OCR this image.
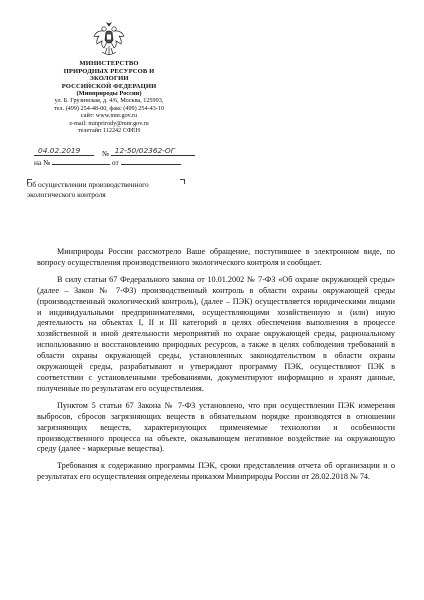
МИНИСТЕРСТВО
ПРИРОДНЫХ РЕСУРСОВ И ЭКОЛОГИИ
РОССИЙСКОЙ ФЕДЕРАЦИИ
(Минприроды России)
ул. Б. Грузинская, д. 4/6, Москва, 125993,
тел. (499) 254-48-00, факс (499) 254-43-10
сайт: www.mnr.gov.ru
e-mail: minprirody@mnr.gov.ru
телетайп 112242 СФЕН
04.02.2019	№ 12-50/02362-ОГ
на №	от
Об осуществлении производственного
экологического контроля

Минприроды России рассмотрело Ваше обращение, поступившее в электронном виде, по вопросу осуществления производственного экологического контроля и сообщает.

В силу статьи 67 Федерального закона от 10.01.2002 № 7-ФЗ «Об охране окружающей среды» (далее – Закон № 7-ФЗ) производственный контроль в области охраны окружающей среды (производственный экологический контроль), (далее – ПЭК) осуществляется юридическими лицами и индивидуальными предпринимателями, осуществляющими хозяйственную и (или) иную деятельность на объектах I, II и III категорий в целях обеспечения выполнения в процессе хозяйственной и иной деятельности мероприятий по охране окружающей среды, рациональному использованию и восстановлению природных ресурсов, а также в целях соблюдения требований в области охраны окружающей среды, установленных законодательством в области охраны окружающей среды, разрабатывают и утверждают программу ПЭК, осуществляют ПЭК в соответствии с установленными требованиями, документируют информацию и хранят данные, полученные по результатам его осуществления.

Пунктом 5 статьи 67 Закона № 7-ФЗ установлено, что при осуществлении ПЭК измерения выбросов, сбросов загрязняющих веществ в обязательном порядке производятся в отношении загрязняющих веществ, характеризующих применяемые технологии и особенности производственного процесса на объекте, оказывающем негативное воздействие на окружающую среду (далее - маркерные вещества).

Требования к содержанию программы ПЭК, сроки представления отчета об организации и о результатах его осуществления определены приказом Минприроды России от 28.02.2018 № 74.
